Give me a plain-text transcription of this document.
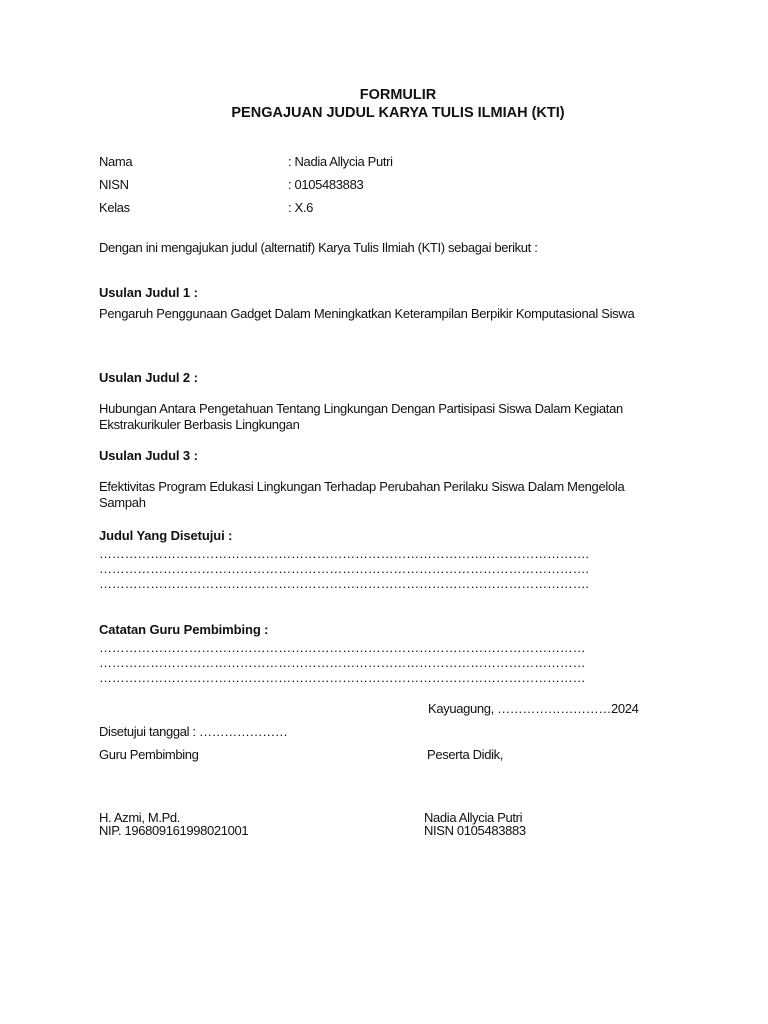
FORMULIR
PENGAJUAN JUDUL KARYA TULIS ILMIAH (KTI)
Nama	: Nadia Allycia Putri
NISN	: 0105483883
Kelas	: X.6
Dengan ini mengajukan judul (alternatif) Karya Tulis Ilmiah (KTI) sebagai berikut :
Usulan Judul 1 :
Pengaruh Penggunaan Gadget Dalam Meningkatkan Keterampilan Berpikir Komputasional Siswa
Usulan Judul 2 :
Hubungan Antara Pengetahuan Tentang Lingkungan Dengan Partisipasi Siswa Dalam Kegiatan Ekstrakurikuler Berbasis Lingkungan
Usulan Judul 3 :
Efektivitas Program Edukasi Lingkungan Terhadap Perubahan Perilaku Siswa Dalam Mengelola Sampah
Judul Yang Disetujui :
…………………………………………………………………………………………………….
…………………………………………………………………………………………………….
…………………………………………………………………………………………………….
Catatan Guru Pembimbing :
……………………………………………………………………………………………………
……………………………………………………………………………………………………
……………………………………………………………………………………………………
Kayuagung, ………………………2024
Disetujui tanggal : …………………
Guru Pembimbing	Peserta Didik,
H. Azmi, M.Pd.
NIP. 196809161998021001
Nadia Allycia Putri
NISN 0105483883
